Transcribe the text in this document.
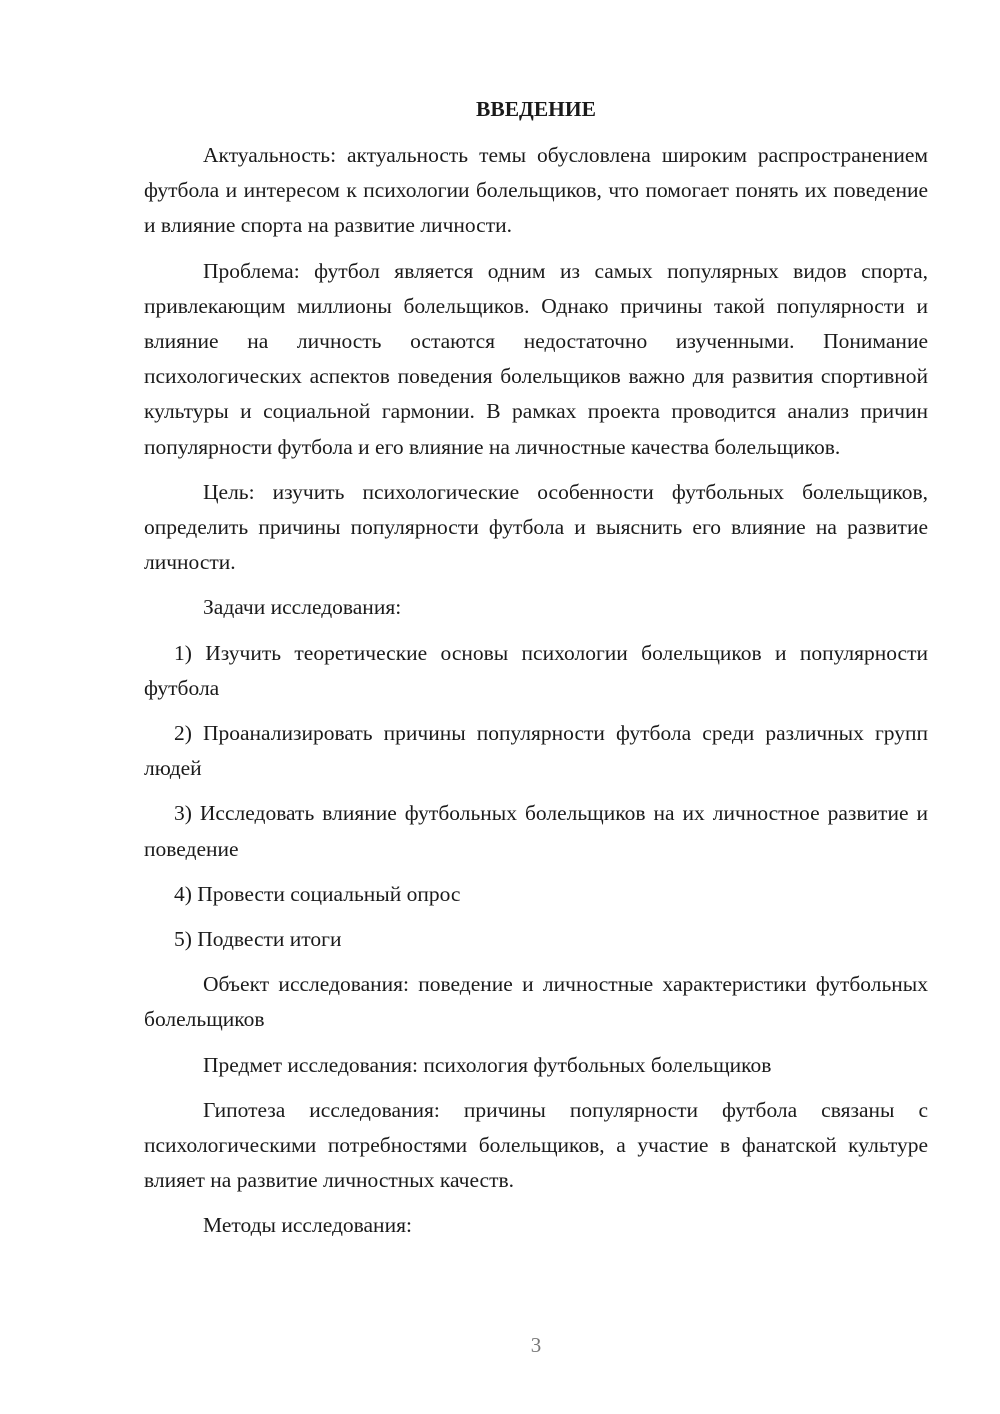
ВВЕДЕНИЕ

Актуальность: актуальность темы обусловлена широким распространением футбола и интересом к психологии болельщиков, что помогает понять их поведение и влияние спорта на развитие личности.

Проблема: футбол является одним из самых популярных видов спорта, привлекающим миллионы болельщиков. Однако причины такой популярности и влияние на личность остаются недостаточно изученными. Понимание психологических аспектов поведения болельщиков важно для развития спортивной культуры и социальной гармонии. В рамках проекта проводится анализ причин популярности футбола и его влияние на личностные качества болельщиков.

Цель: изучить психологические особенности футбольных болельщиков, определить причины популярности футбола и выяснить его влияние на развитие личности.

Задачи исследования:

1) Изучить теоретические основы психологии болельщиков и популярности футбола

2) Проанализировать причины популярности футбола среди различных групп людей

3) Исследовать влияние футбольных болельщиков на их личностное развитие и поведение

4) Провести социальный опрос

5) Подвести итоги

Объект исследования: поведение и личностные характеристики футбольных болельщиков

Предмет исследования: психология футбольных болельщиков

Гипотеза исследования: причины популярности футбола связаны с психологическими потребностями болельщиков, а участие в фанатской культуре влияет на развитие личностных качеств.

Методы исследования:

3
